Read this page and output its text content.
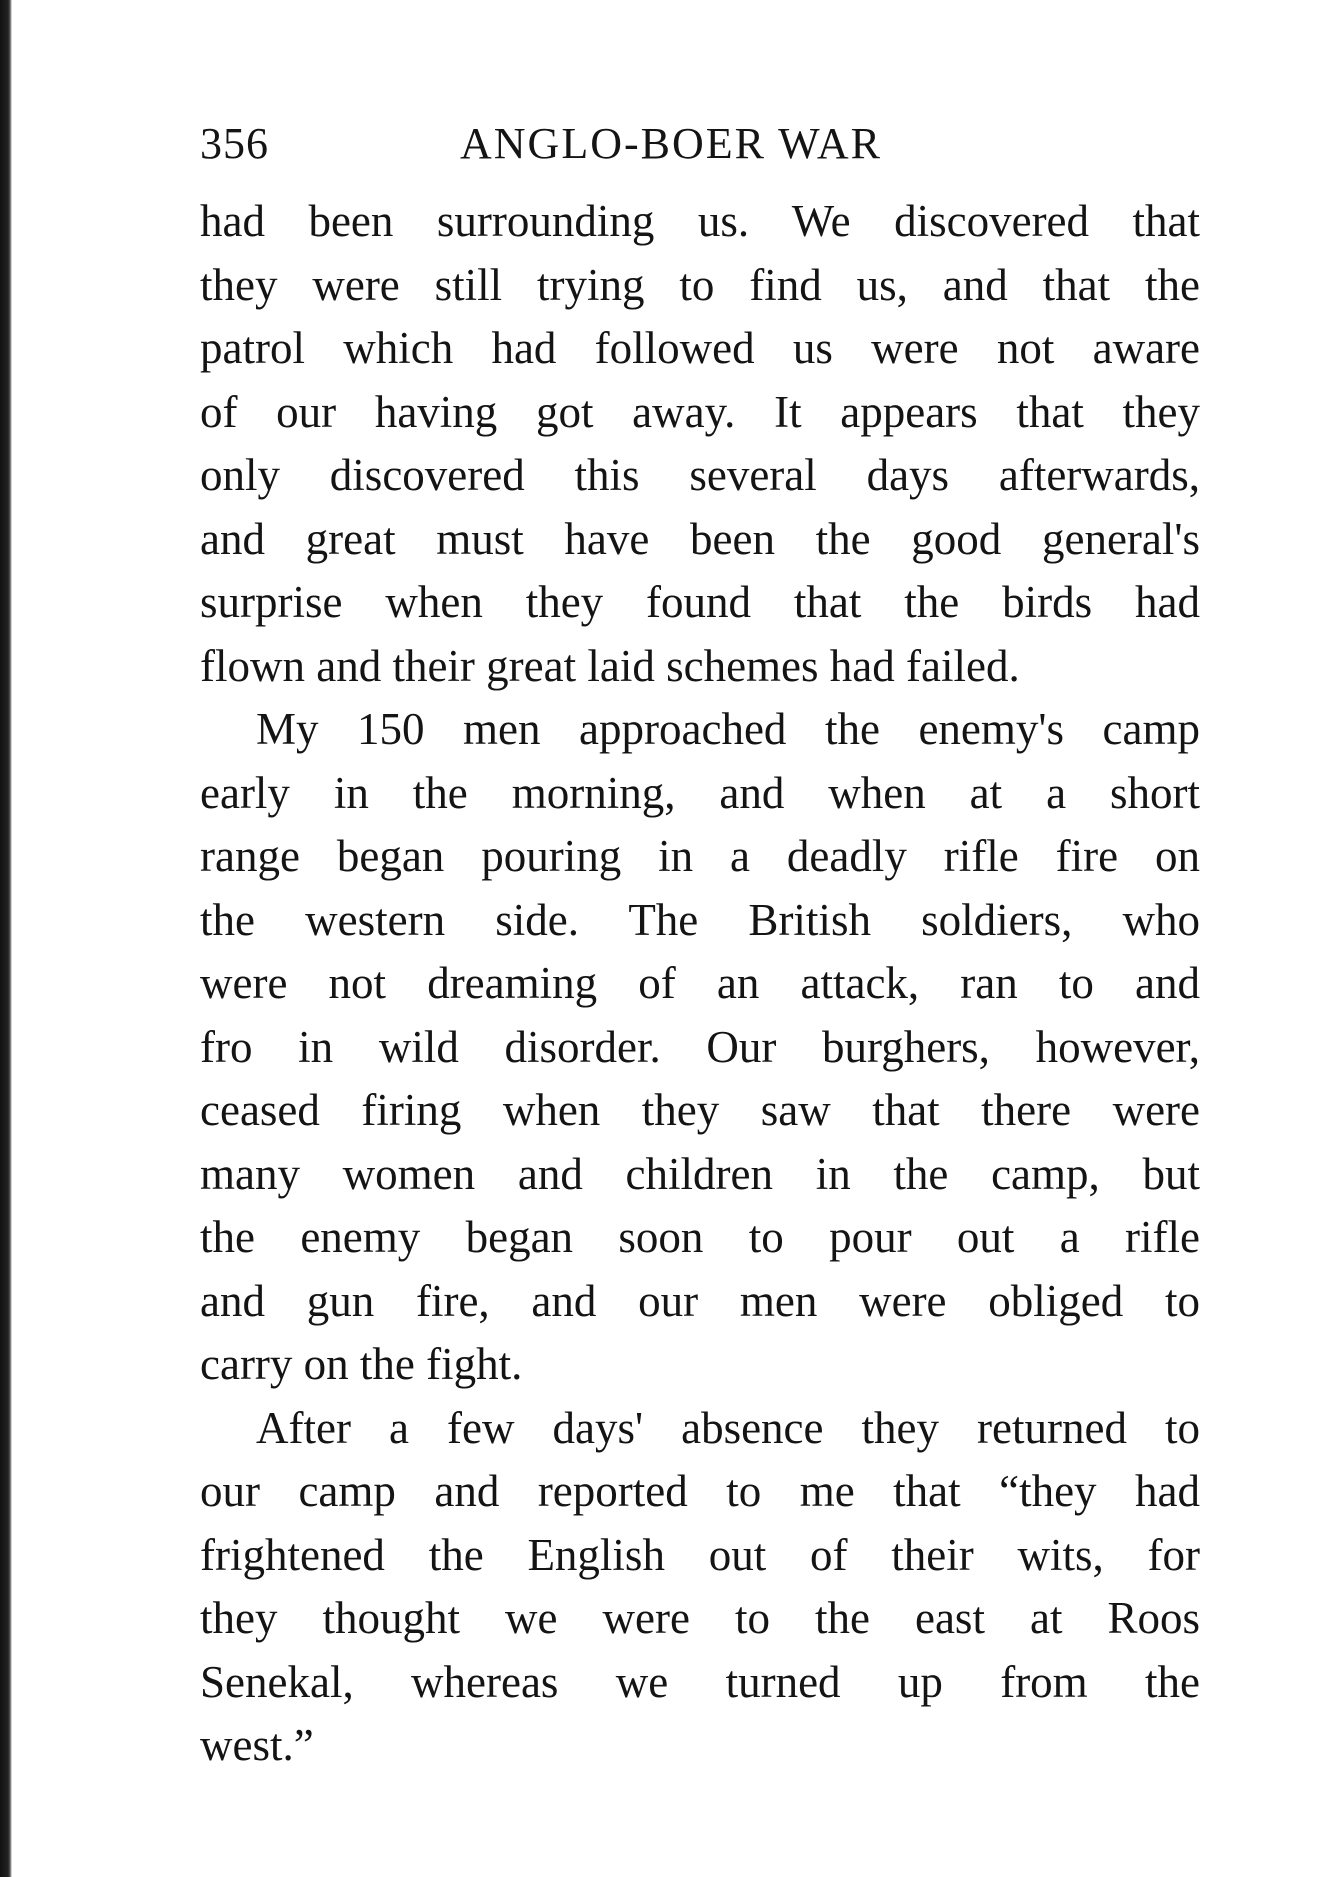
356	ANGLO-BOER WAR
had been surrounding us. We discovered that
they were still trying to find us, and that the
patrol which had followed us were not aware
of our having got away. It appears that they
only discovered this several days afterwards,
and great must have been the good general's
surprise when they found that the birds had
flown and their great laid schemes had failed.
My 150 men approached the enemy's camp
early in the morning, and when at a short
range began pouring in a deadly rifle fire on
the western side. The British soldiers, who
were not dreaming of an attack, ran to and
fro in wild disorder. Our burghers, however,
ceased firing when they saw that there were
many women and children in the camp, but
the enemy began soon to pour out a rifle
and gun fire, and our men were obliged to
carry on the fight.
After a few days' absence they returned to
our camp and reported to me that “they had
frightened the English out of their wits, for
they thought we were to the east at Roos
Senekal, whereas we turned up from the
west.”
